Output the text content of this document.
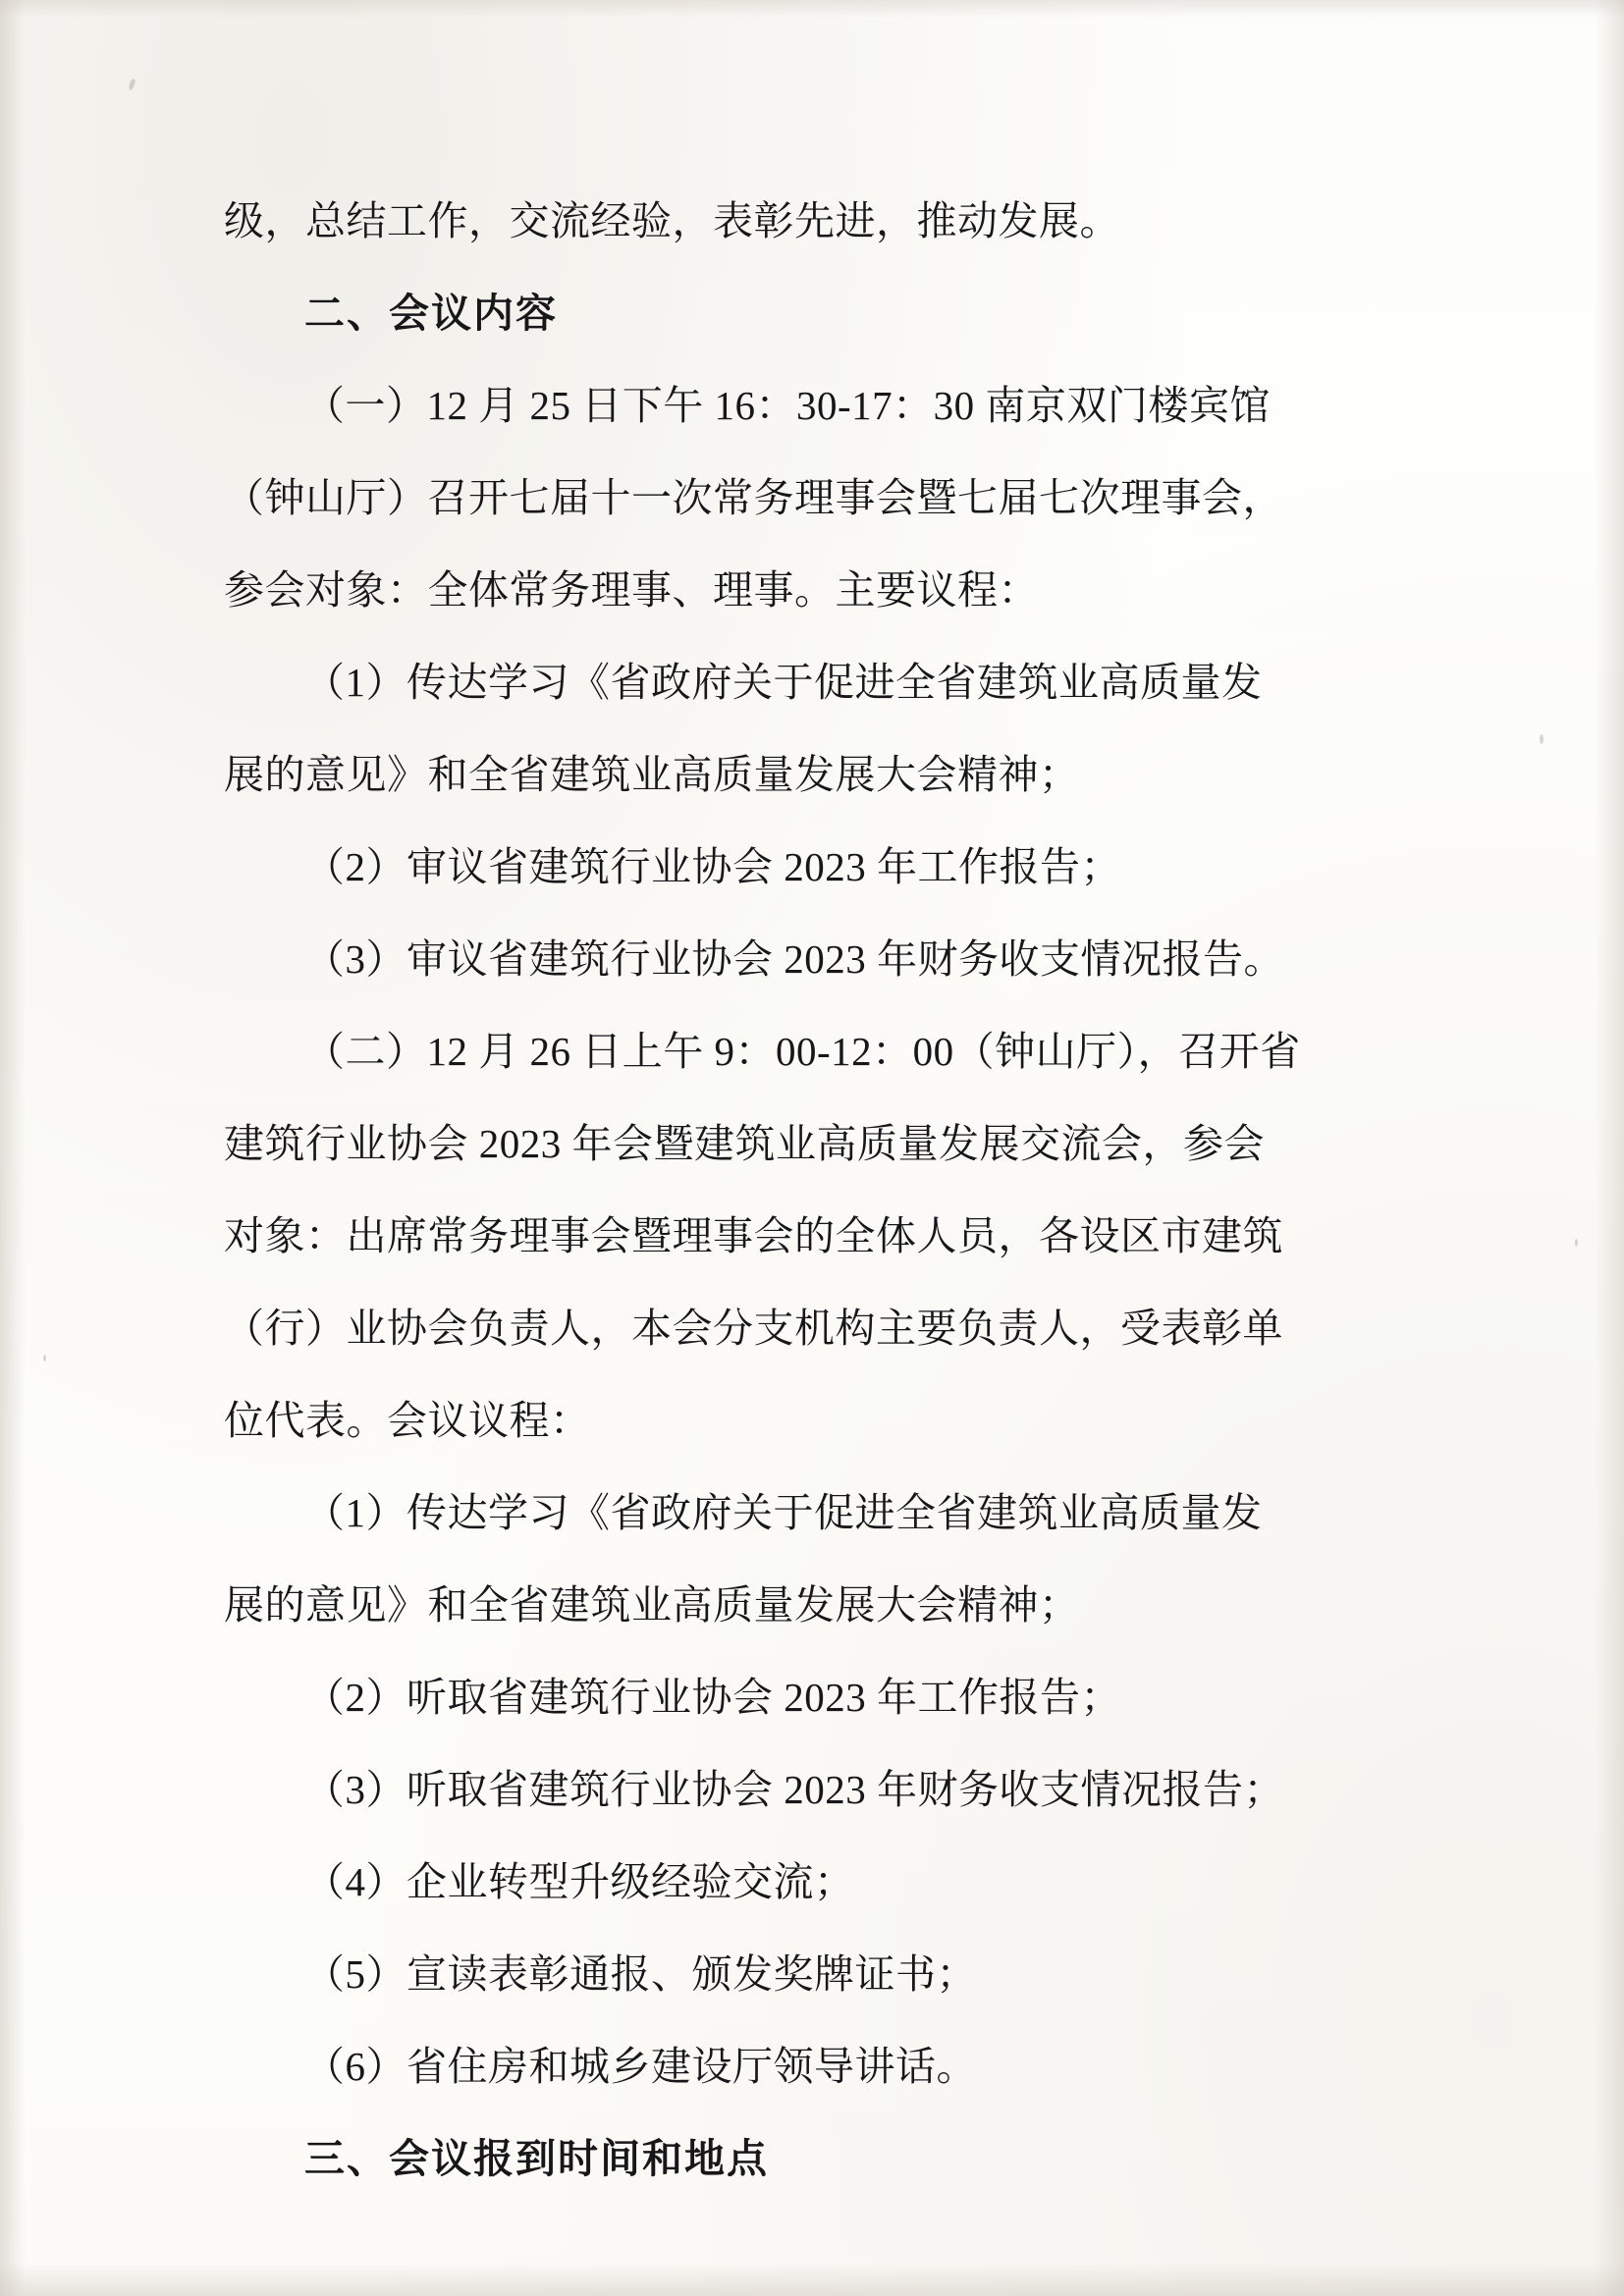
级，总结工作，交流经验，表彰先进，推动发展。

二、会议内容

（一）12 月 25 日下午 16：30-17：30 南京双门楼宾馆

（钟山厅）召开七届十一次常务理事会暨七届七次理事会，

参会对象：全体常务理事、理事。主要议程：

（1）传达学习《省政府关于促进全省建筑业高质量发

展的意见》和全省建筑业高质量发展大会精神；

（2）审议省建筑行业协会 2023 年工作报告；

（3）审议省建筑行业协会 2023 年财务收支情况报告。

（二）12 月 26 日上午 9：00-12：00（钟山厅），召开省

建筑行业协会 2023 年会暨建筑业高质量发展交流会，参会

对象：出席常务理事会暨理事会的全体人员，各设区市建筑

（行）业协会负责人，本会分支机构主要负责人，受表彰单

位代表。会议议程：

（1）传达学习《省政府关于促进全省建筑业高质量发

展的意见》和全省建筑业高质量发展大会精神；

（2）听取省建筑行业协会 2023 年工作报告；

（3）听取省建筑行业协会 2023 年财务收支情况报告；

（4）企业转型升级经验交流；

（5）宣读表彰通报、颁发奖牌证书；

（6）省住房和城乡建设厅领导讲话。

三、会议报到时间和地点
